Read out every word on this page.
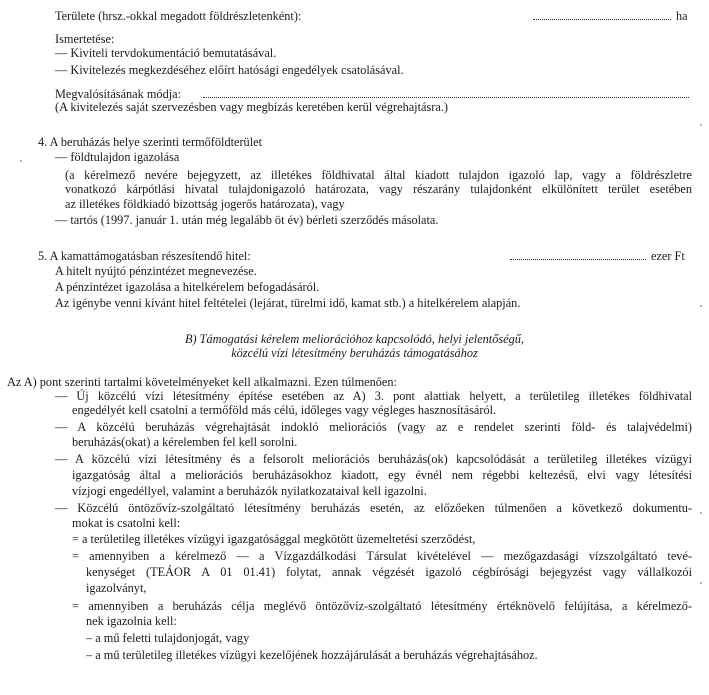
Területe (hrsz.-okkal megadott földrészletenként):	ha
Ismertetése:
— Kiviteli tervdokumentáció bemutatásával.
— Kivitelezés megkezdéséhez előírt hatósági engedélyek csatolásával.
Megvalósításának módja:
(A kivitelezés saját szervezésben vagy megbízás keretében kerül végrehajtásra.)
4. A beruházás helye szerinti termőföldterület
— földtulajdon igazolása
(a kérelmező nevére bejegyzett, az illetékes földhivatal által kiadott tulajdon igazoló lap, vagy a földrészletre
vonatkozó kárpótlási hivatal tulajdonigazoló határozata, vagy részarány tulajdonként elkülönített terület esetében
az illetékes földkiadó bizottság jogerős határozata), vagy
— tartós (1997. január 1. után még legalább öt év) bérleti szerződés másolata.
5. A kamattámogatásban részesítendő hitel:	ezer Ft
A hitelt nyújtó pénzintézet megnevezése.
A pénzintézet igazolása a hitelkérelem befogadásáról.
Az igénybe venni kívánt hitel feltételei (lejárat, türelmi idő, kamat stb.) a hitelkérelem alapján.
B) Támogatási kérelem meliorációhoz kapcsolódó, helyi jelentőségű,
közcélú vízi létesítmény beruházás támogatásához
Az A) pont szerinti tartalmi követelményeket kell alkalmazni. Ezen túlmenően:
— Új közcélú vízi létesítmény építése esetében az A) 3. pont alattiak helyett, a területileg illetékes földhivatal
engedélyét kell csatolni a termőföld más célú, időleges vagy végleges hasznosításáról.
— A közcélú beruházás végrehajtását indokló meliorációs (vagy az e rendelet szerinti föld- és talajvédelmi)
beruházás(okat) a kérelemben fel kell sorolni.
— A közcélú vízi létesítmény és a felsorolt meliorációs beruházás(ok) kapcsolódását a területileg illetékes vízügyi
igazgatóság által a meliorációs beruházásokhoz kiadott, egy évnél nem régebbi keltezésű, elvi vagy létesítési
vízjogi engedéllyel, valamint a beruházók nyilatkozataival kell igazolni.
— Közcélú öntözővíz-szolgáltató létesítmény beruházás esetén, az előzőeken túlmenően a következő dokumentu-
mokat is csatolni kell:
= a területileg illetékes vízügyi igazgatósággal megkötött üzemeltetési szerződést,
= amennyiben a kérelmező — a Vízgazdálkodási Társulat kivételével — mezőgazdasági vízszolgáltató tevé-
kenységet (TEÁOR A 01 01.41) folytat, annak végzését igazoló cégbírósági bejegyzést vagy vállalkozói
igazolványt,
= amennyiben a beruházás célja meglévő öntözővíz-szolgáltató létesítmény értéknövelő felújítása, a kérelmező-
nek igazolnia kell:
– a mű feletti tulajdonjogát, vagy
– a mű területileg illetékes vízügyi kezelőjének hozzájárulását a beruházás végrehajtásához.
